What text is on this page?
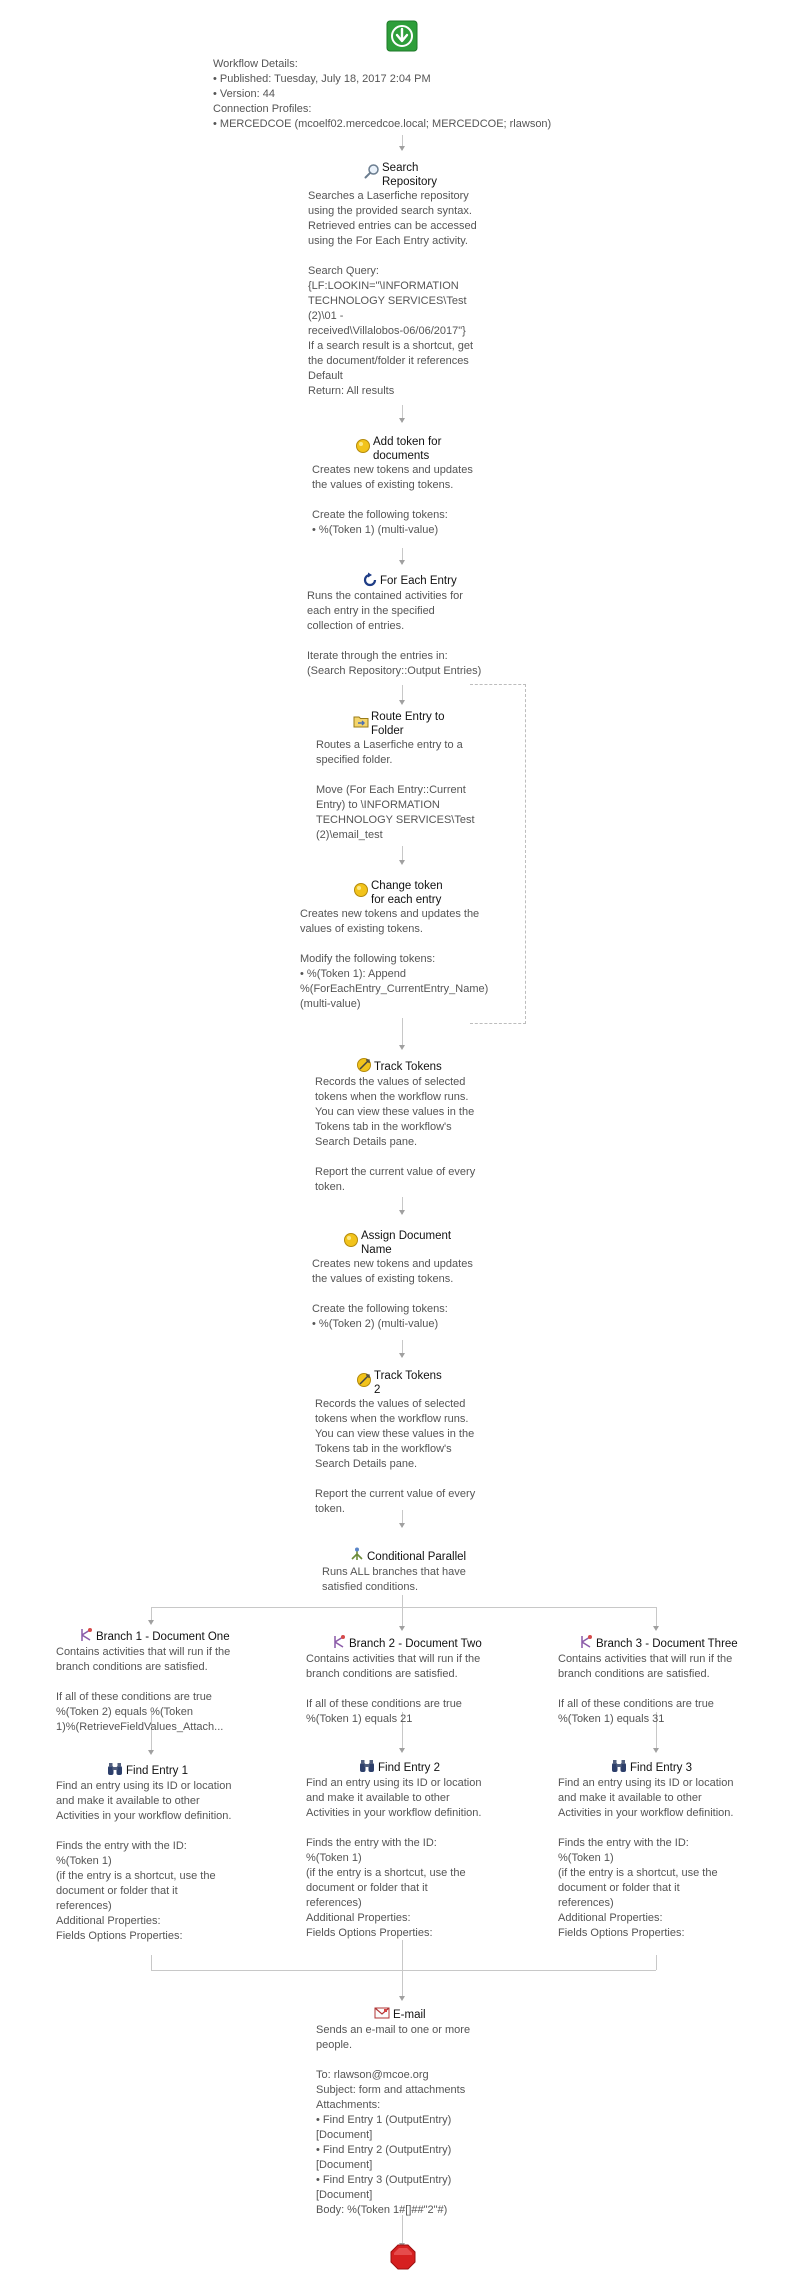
Workflow Details:
• Published: Tuesday, July 18, 2017 2:04 PM
• Version: 44
Connection Profiles:
• MERCEDCOE (mcoelf02.mercedcoe.local; MERCEDCOE; rlawson)
Search
Repository
Searches a Laserfiche repository
using the provided search syntax.
Retrieved entries can be accessed
using the For Each Entry activity.

Search Query:
{LF:LOOKIN="\INFORMATION
TECHNOLOGY SERVICES\Test
(2)\01 -
received\Villalobos-06/06/2017"}
If a search result is a shortcut, get
the document/folder it references
Default
Return: All results
Add token for
documents
Creates new tokens and updates
the values of existing tokens.

Create the following tokens:
• %(Token 1) (multi-value)
For Each Entry
Runs the contained activities for
each entry in the specified
collection of entries.

Iterate through the entries in:
(Search Repository::Output Entries)
Route Entry to
Folder
Routes a Laserfiche entry to a
specified folder.

Move (For Each Entry::Current
Entry) to \INFORMATION
TECHNOLOGY SERVICES\Test
(2)\email_test
Change token
for each entry
Creates new tokens and updates the
values of existing tokens.

Modify the following tokens:
• %(Token 1): Append
%(ForEachEntry_CurrentEntry_Name)
(multi-value)
Track Tokens
Records the values of selected
tokens when the workflow runs.
You can view these values in the
Tokens tab in the workflow's
Search Details pane.

Report the current value of every
token.
Assign Document
Name
Creates new tokens and updates
the values of existing tokens.

Create the following tokens:
• %(Token 2) (multi-value)
Track Tokens
2
Records the values of selected
tokens when the workflow runs.
You can view these values in the
Tokens tab in the workflow's
Search Details pane.

Report the current value of every
token.
Conditional Parallel
Runs ALL branches that have
satisfied conditions.
Branch 1 - Document One
Contains activities that will run if the
branch conditions are satisfied.

If all of these conditions are true
%(Token 2) equals %(Token
1)%(RetrieveFieldValues_Attach...
Branch 2 - Document Two
Contains activities that will run if the
branch conditions are satisfied.

If all of these conditions are true
%(Token 1) equals 21
Branch 3 - Document Three
Contains activities that will run if the
branch conditions are satisfied.

If all of these conditions are true
%(Token 1) equals 31
Find Entry 1
Find an entry using its ID or location
and make it available to other
Activities in your workflow definition.

Finds the entry with the ID:
%(Token 1)
(if the entry is a shortcut, use the
document or folder that it
references)
Additional Properties:
Fields Options Properties:
Find Entry 2
Find an entry using its ID or location
and make it available to other
Activities in your workflow definition.

Finds the entry with the ID:
%(Token 1)
(if the entry is a shortcut, use the
document or folder that it
references)
Additional Properties:
Fields Options Properties:
Find Entry 3
Find an entry using its ID or location
and make it available to other
Activities in your workflow definition.

Finds the entry with the ID:
%(Token 1)
(if the entry is a shortcut, use the
document or folder that it
references)
Additional Properties:
Fields Options Properties:
E-mail
Sends an e-mail to one or more
people.

To: rlawson@mcoe.org
Subject: form and attachments
Attachments:
• Find Entry 1 (OutputEntry)
[Document]
• Find Entry 2 (OutputEntry)
[Document]
• Find Entry 3 (OutputEntry)
[Document]
Body: %(Token 1#[]##"2"#)
